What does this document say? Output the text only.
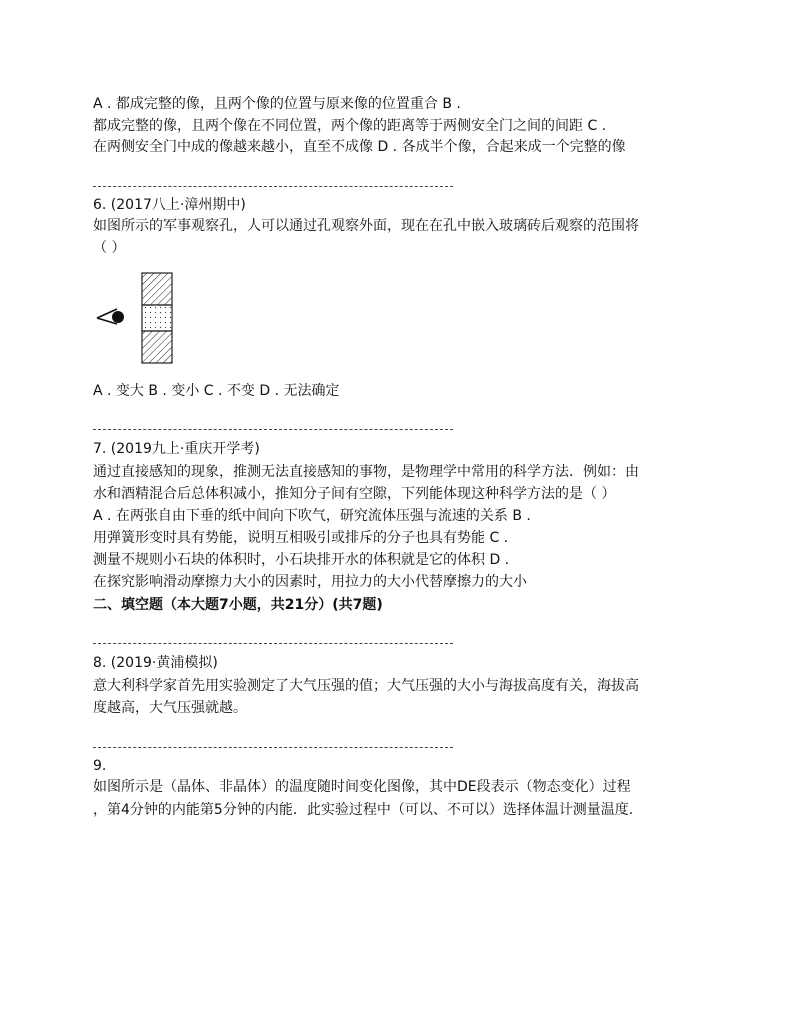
A . 都成完整的像，且两个像的位置与原来像的位置重合 B .
都成完整的像，且两个像在不同位置，两个像的距离等于两侧安全门之间的间距 C .
在两侧安全门中成的像越来越小，直至不成像 D . 各成半个像，合起来成一个完整的像
6. (2017八上·漳州期中)
如图所示的军事观察孔，人可以通过孔观察外面，现在在孔中嵌入玻璃砖后观察的范围将
（ ）
A . 变大 B . 变小 C . 不变 D . 无法确定
7. (2019九上·重庆开学考)
通过直接感知的现象，推测无法直接感知的事物，是物理学中常用的科学方法．例如：由
水和酒精混合后总体积减小，推知分子间有空隙，下列能体现这种科学方法的是（ ）
A . 在两张自由下垂的纸中间向下吹气，研究流体压强与流速的关系 B .
用弹簧形变时具有势能，说明互相吸引或排斥的分子也具有势能 C .
测量不规则小石块的体积时，小石块排开水的体积就是它的体积 D .
在探究影响滑动摩擦力大小的因素时，用拉力的大小代替摩擦力的大小
二、填空题（本大题7小题，共21分）(共7题)
8. (2019·黄浦模拟)
意大利科学家首先用实验测定了大气压强的值；大气压强的大小与海拔高度有关，海拔高
度越高，大气压强就越。
9.
如图所示是（晶体、非晶体）的温度随时间变化图像，其中DE段表示（物态变化）过程
，第4分钟的内能第5分钟的内能．此实验过程中（可以、不可以）选择体温计测量温度.
